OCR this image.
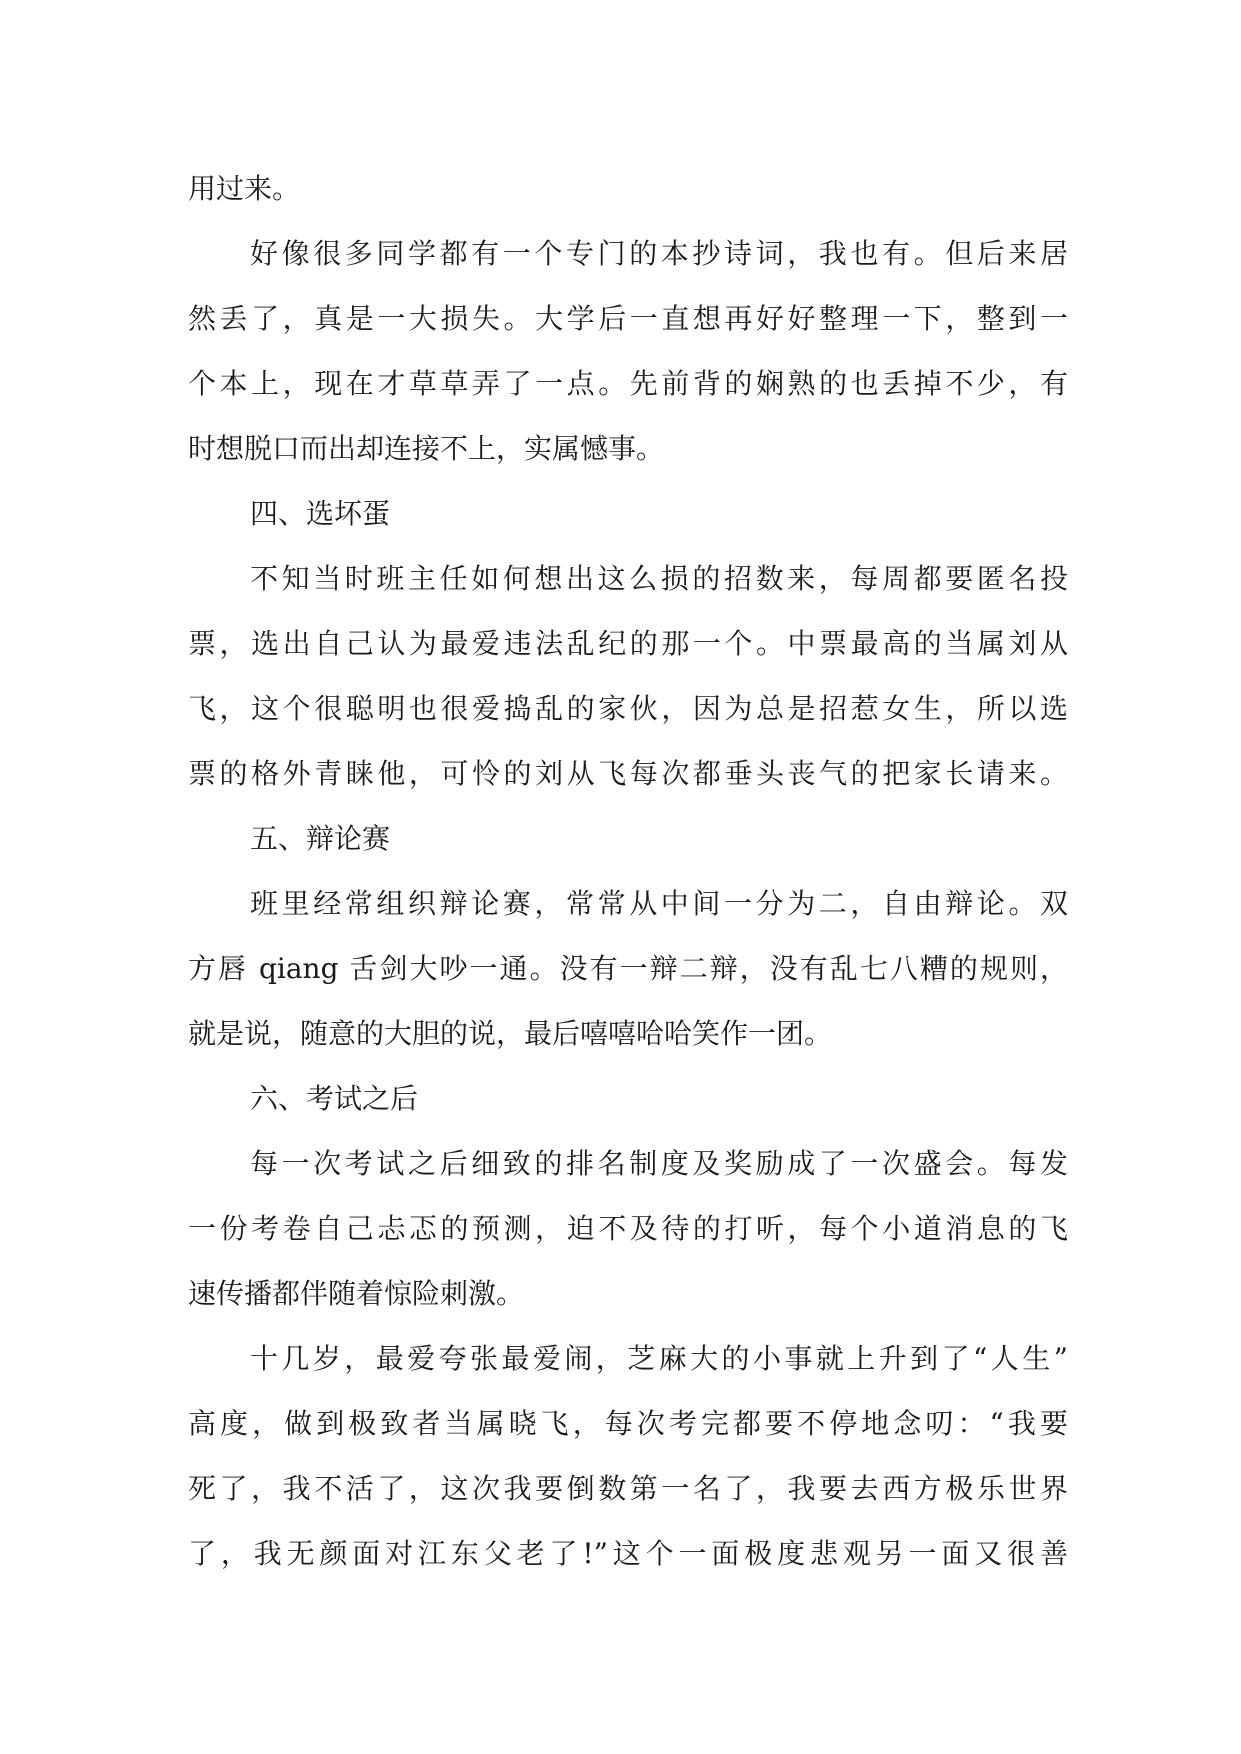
用过来。
好像很多同学都有一个专门的本抄诗词，我也有。但后来居
然丢了，真是一大损失。大学后一直想再好好整理一下，整到一
个本上，现在才草草弄了一点。先前背的娴熟的也丢掉不少，有
时想脱口而出却连接不上，实属憾事。
四、选坏蛋
不知当时班主任如何想出这么损的招数来，每周都要匿名投
票，选出自己认为最爱违法乱纪的那一个。中票最高的当属刘从
飞，这个很聪明也很爱捣乱的家伙，因为总是招惹女生，所以选
票的格外青睐他，可怜的刘从飞每次都垂头丧气的把家长请来。
五、辩论赛
班里经常组织辩论赛，常常从中间一分为二，自由辩论。双
方唇 qiang 舌剑大吵一通。没有一辩二辩，没有乱七八糟的规则，
就是说，随意的大胆的说，最后嘻嘻哈哈笑作一团。
六、考试之后
每一次考试之后细致的排名制度及奖励成了一次盛会。每发
一份考卷自己忐忑的预测，迫不及待的打听，每个小道消息的飞
速传播都伴随着惊险刺激。
十几岁，最爱夸张最爱闹，芝麻大的小事就上升到了“人生”
高度，做到极致者当属晓飞，每次考完都要不停地念叨：“我要
死了，我不活了，这次我要倒数第一名了，我要去西方极乐世界
了，我无颜面对江东父老了!”这个一面极度悲观另一面又很善
